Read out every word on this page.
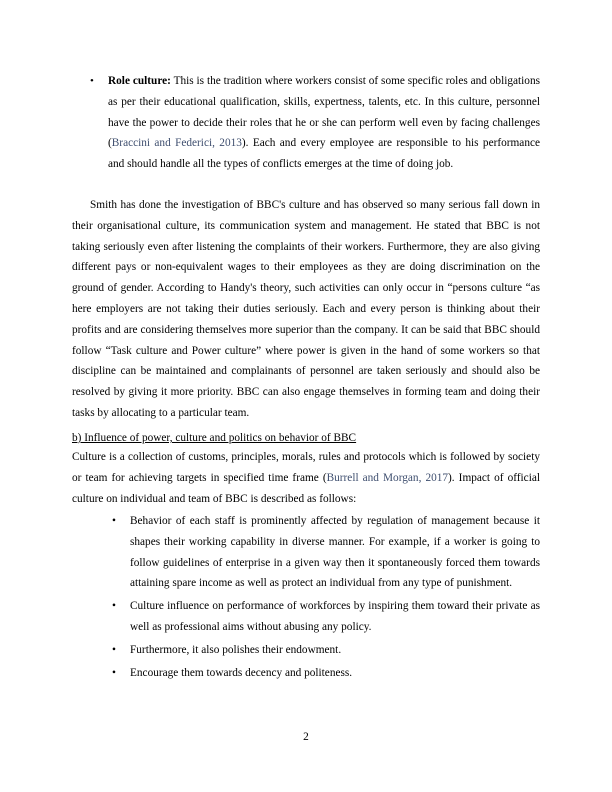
• Role culture: This is the tradition where workers consist of some specific roles and obligations as per their educational qualification, skills, expertness, talents, etc. In this culture, personnel have the power to decide their roles that he or she can perform well even by facing challenges (Braccini and Federici, 2013). Each and every employee are responsible to his performance and should handle all the types of conflicts emerges at the time of doing job.

Smith has done the investigation of BBC's culture and has observed so many serious fall down in their organisational culture, its communication system and management. He stated that BBC is not taking seriously even after listening the complaints of their workers. Furthermore, they are also giving different pays or non-equivalent wages to their employees as they are doing discrimination on the ground of gender. According to Handy's theory, such activities can only occur in “persons culture “as here employers are not taking their duties seriously. Each and every person is thinking about their profits and are considering themselves more superior than the company. It can be said that BBC should follow “Task culture and Power culture” where power is given in the hand of some workers so that discipline can be maintained and complainants of personnel are taken seriously and should also be resolved by giving it more priority. BBC can also engage themselves in forming team and doing their tasks by allocating to a particular team.

b) Influence of power, culture and politics on behavior of BBC

Culture is a collection of customs, principles, morals, rules and protocols which is followed by society or team for achieving targets in specified time frame (Burrell and Morgan, 2017). Impact of official culture on individual and team of BBC is described as follows:

• Behavior of each staff is prominently affected by regulation of management because it shapes their working capability in diverse manner. For example, if a worker is going to follow guidelines of enterprise in a given way then it spontaneously forced them towards attaining spare income as well as protect an individual from any type of punishment.
• Culture influence on performance of workforces by inspiring them toward their private as well as professional aims without abusing any policy.
• Furthermore, it also polishes their endowment.
• Encourage them towards decency and politeness.
2
